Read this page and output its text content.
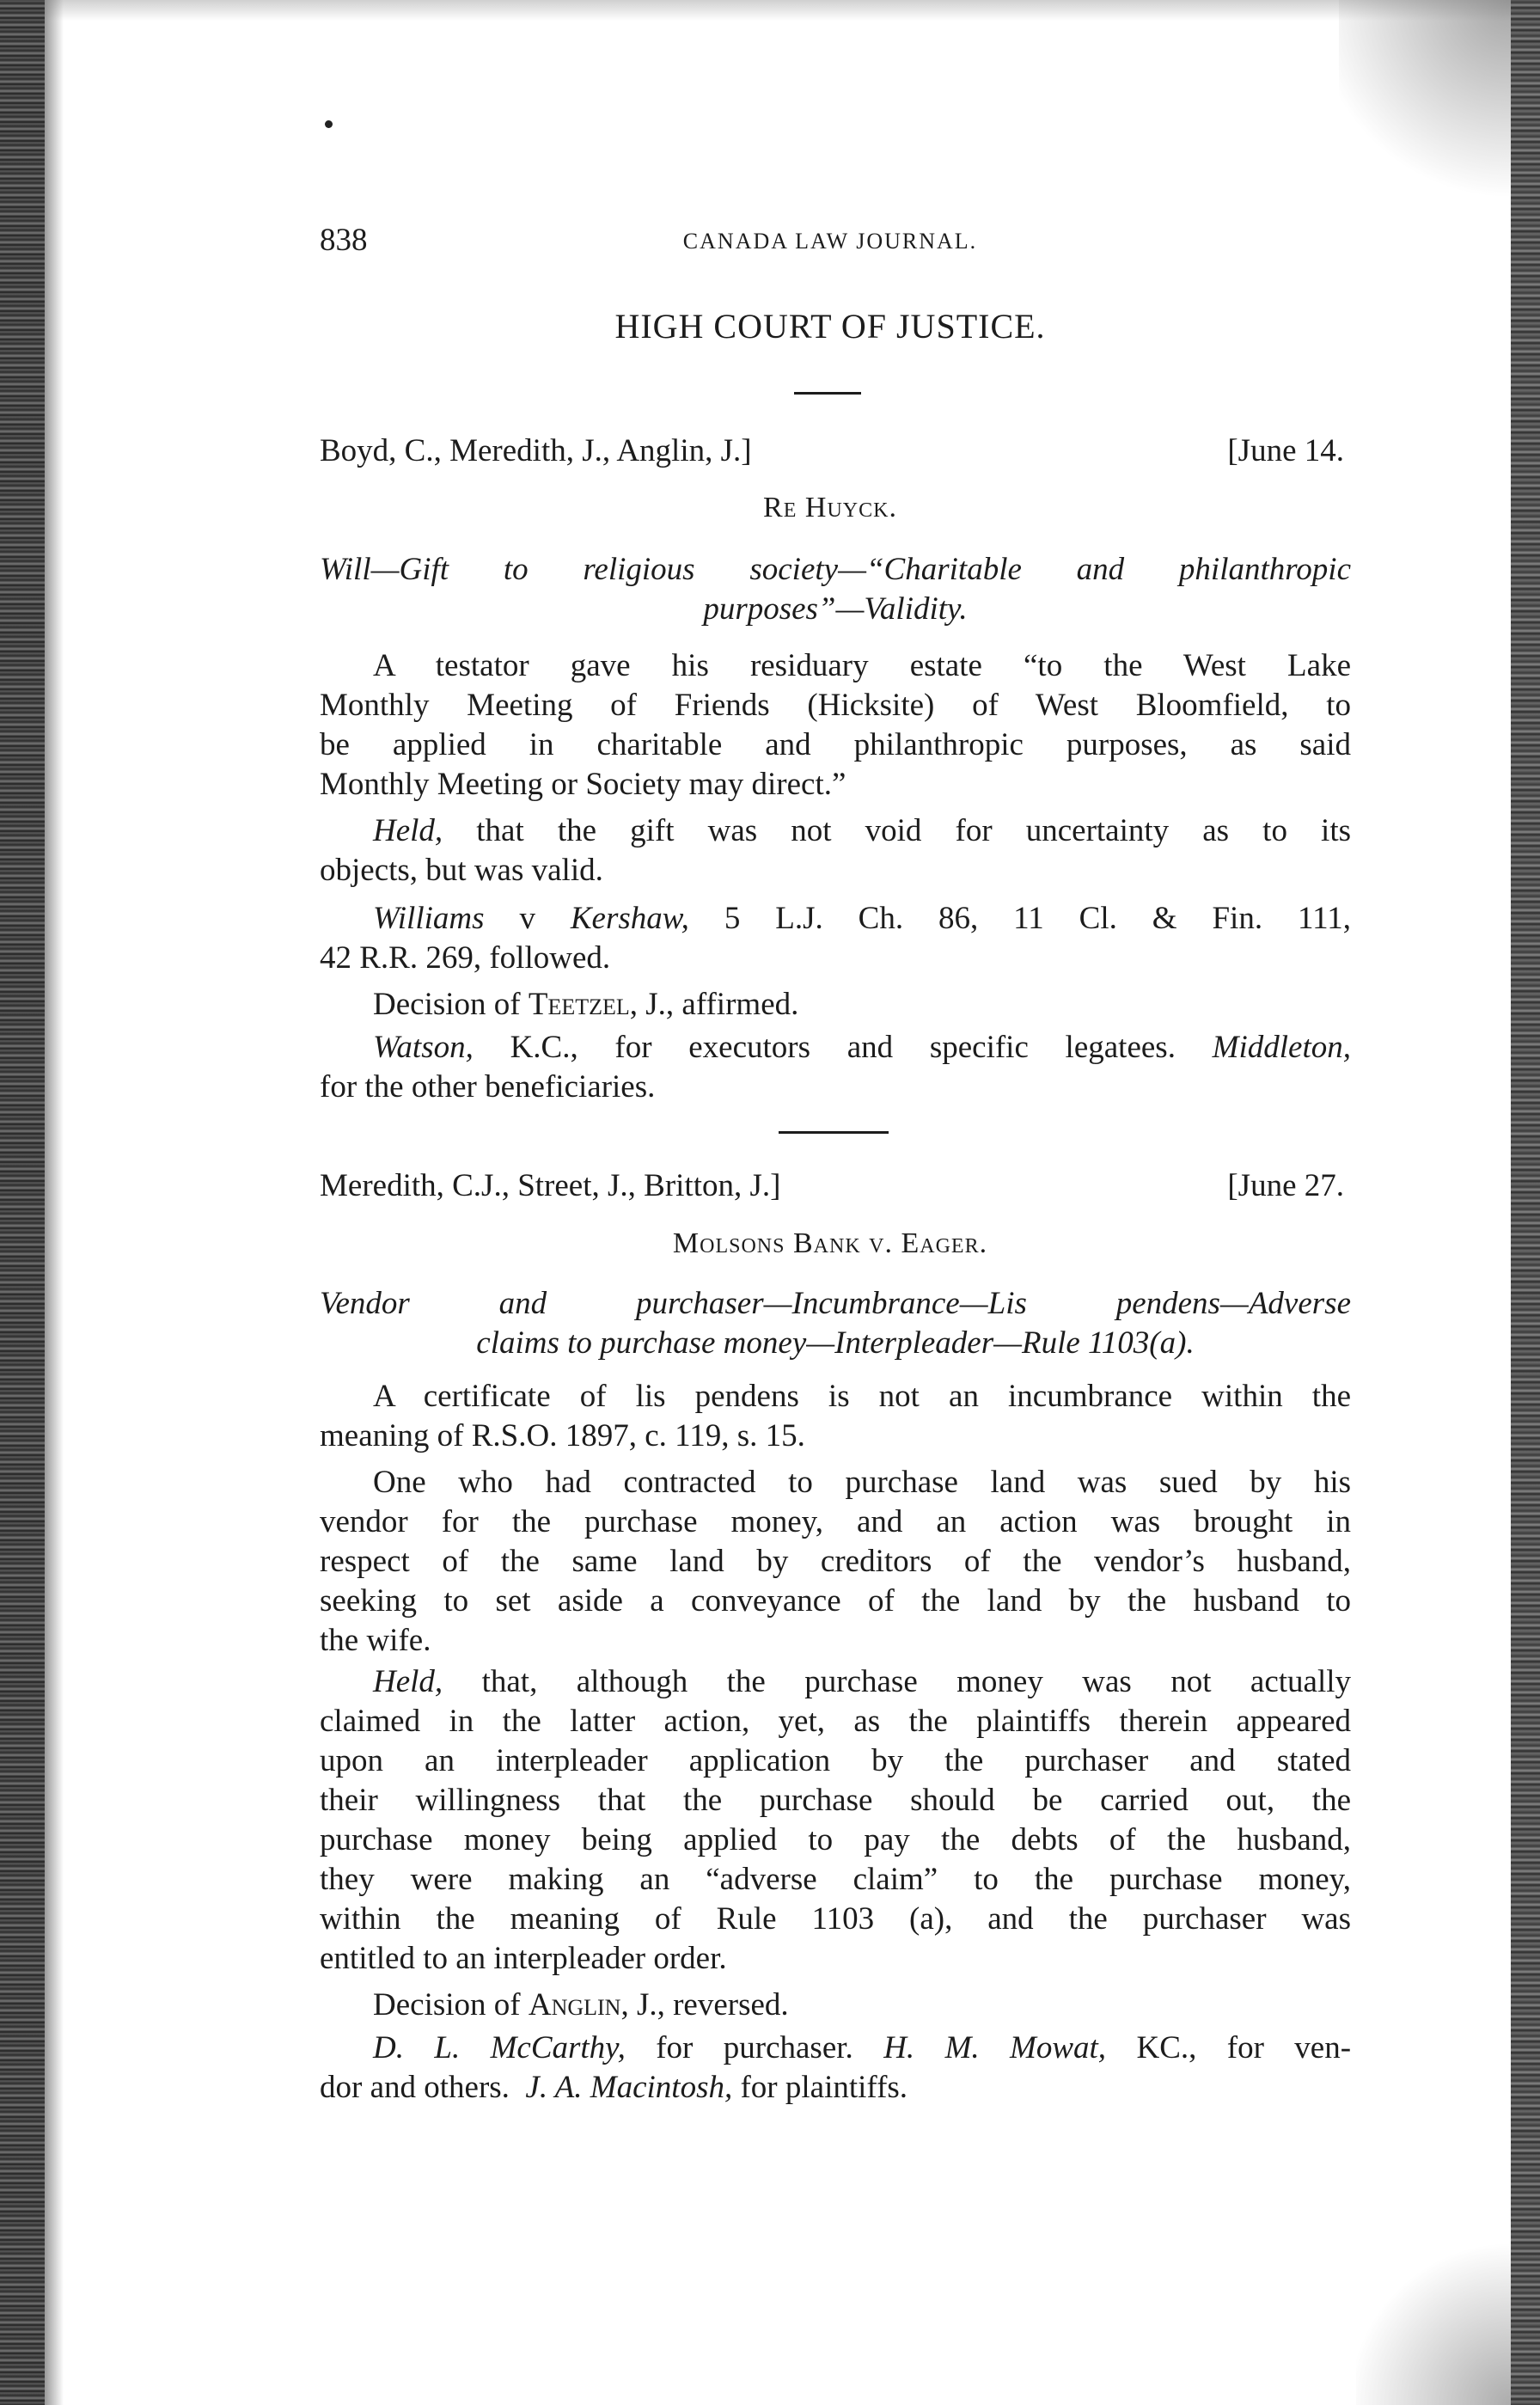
838	CANADA LAW JOURNAL.
HIGH COURT OF JUSTICE.
Boyd, C., Meredith, J., Anglin, J.]	[June 14.
Re Huyck.
Will—Gift to religious society—“Charitable and philanthropic
purposes”—Validity.
A testator gave his residuary estate “to the West Lake
Monthly Meeting of Friends (Hicksite) of West Bloomfield, to
be applied in charitable and philanthropic purposes, as said
Monthly Meeting or Society may direct.”
Held, that the gift was not void for uncertainty as to its
objects, but was valid.
Williams v Kershaw, 5 L.J. Ch. 86, 11 Cl. & Fin. 111,
42 R.R. 269, followed.
Decision of Teetzel, J., affirmed.
Watson, K.C., for executors and specific legatees. Middleton,
for the other beneficiaries.
Meredith, C.J., Street, J., Britton, J.]	[June 27.
Molsons Bank v. Eager.
Vendor and purchaser—Incumbrance—Lis pendens—Adverse
claims to purchase money—Interpleader—Rule 1103(a).
A certificate of lis pendens is not an incumbrance within the
meaning of R.S.O. 1897, c. 119, s. 15.
One who had contracted to purchase land was sued by his
vendor for the purchase money, and an action was brought in
respect of the same land by creditors of the vendor’s husband,
seeking to set aside a conveyance of the land by the husband to
the wife.
Held, that, although the purchase money was not actually
claimed in the latter action, yet, as the plaintiffs therein appeared
upon an interpleader application by the purchaser and stated
their willingness that the purchase should be carried out, the
purchase money being applied to pay the debts of the husband,
they were making an “adverse claim” to the purchase money,
within the meaning of Rule 1103 (a), and the purchaser was
entitled to an interpleader order.
Decision of Anglin, J., reversed.
D. L. McCarthy, for purchaser. H. M. Mowat, KC., for ven-
dor and others. J. A. Macintosh, for plaintiffs.
